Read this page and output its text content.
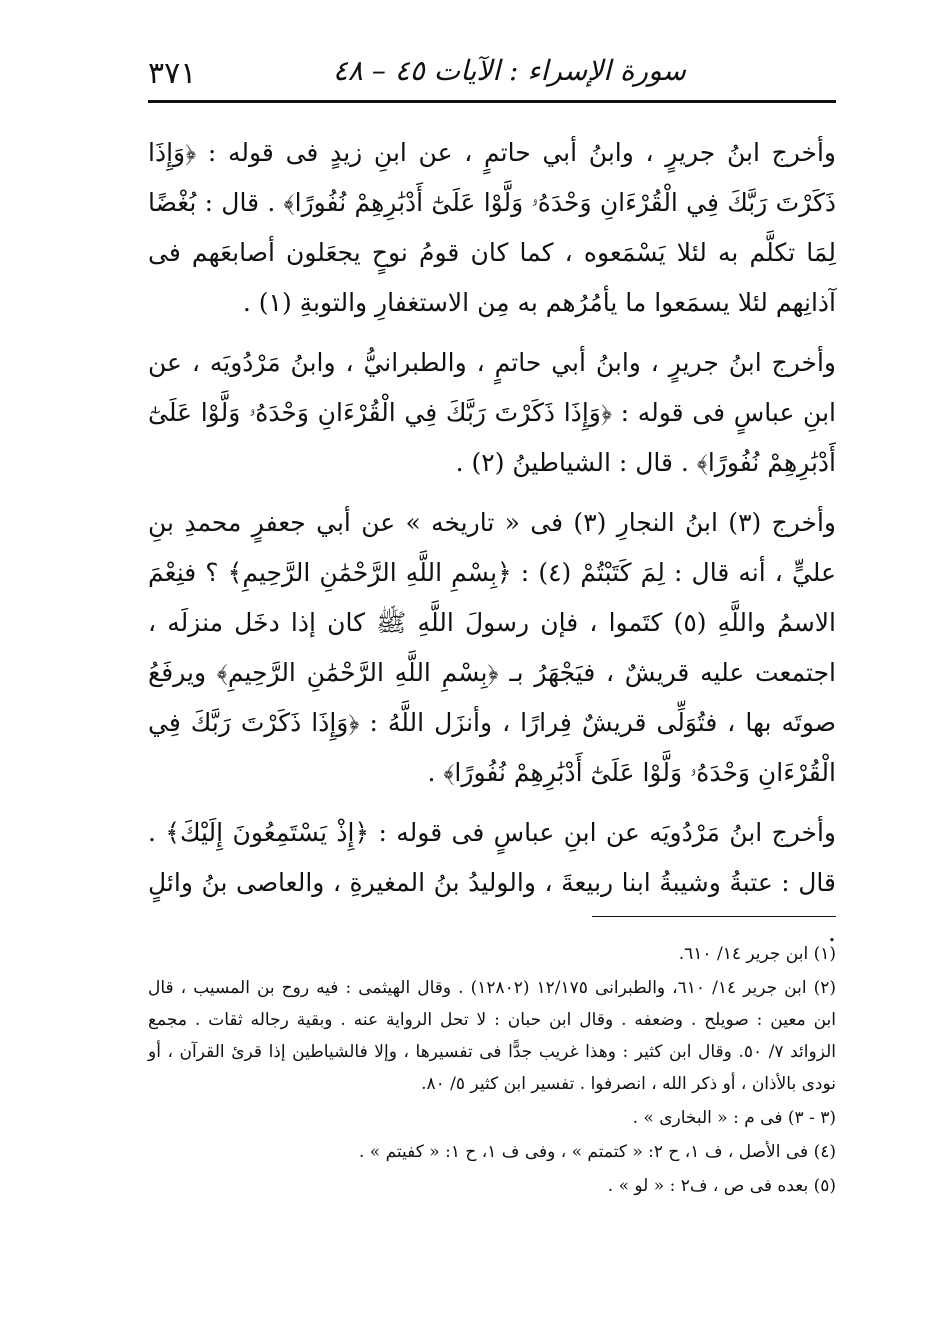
٣٧١	سورة الإسراء : الآيات ٤٥ – ٤٨

وأخرج ابنُ جريرٍ ، وابنُ أبي حاتمٍ ، عن ابنِ زيدٍ فى قوله : ﴿وَإِذَا ذَكَرْتَ رَبَّكَ فِي الْقُرْءَانِ وَحْدَهُۥ وَلَّوْا عَلَىٰٓ أَدْبَٰرِهِمْ نُفُورًا﴾ . قال : بُغْضًا لِمَا تكلَّم به لئلا يَسْمَعوه ، كما كان قومُ نوحٍ يجعَلون أصابعَهم فى آذانِهم لئلا يسمَعوا ما يأمُرُهم به مِن الاستغفارِ والتوبةِ (١) .

وأخرج ابنُ جريرٍ ، وابنُ أبي حاتمٍ ، والطبرانيُّ ، وابنُ مَرْدُويَه ، عن ابنِ عباسٍ فى قوله : ﴿وَإِذَا ذَكَرْتَ رَبَّكَ فِي الْقُرْءَانِ وَحْدَهُۥ وَلَّوْا عَلَىٰٓ أَدْبَٰرِهِمْ نُفُورًا﴾ . قال : الشياطينُ (٢) .

وأخرج (٣) ابنُ النجارِ (٣) فى « تاريخه » عن أبي جعفرٍ محمدِ بنِ عليٍّ ، أنه قال : لِمَ كَتَبْتُمْ (٤) : ﴿بِسْمِ اللَّهِ الرَّحْمَٰنِ الرَّحِيمِ﴾ ؟ فنِعْمَ الاسمُ واللَّهِ (٥) كتَموا ، فإن رسولَ اللَّهِ ﷺ كان إذا دخَل منزلَه ، اجتمعت عليه قريشٌ ، فيَجْهَرُ بـ ﴿بِسْمِ اللَّهِ الرَّحْمَٰنِ الرَّحِيمِ﴾ ويرفَعُ صوتَه بها ، فتُوَلِّى قريشٌ فِرارًا ، وأنزَل اللَّهُ : ﴿وَإِذَا ذَكَرْتَ رَبَّكَ فِي الْقُرْءَانِ وَحْدَهُۥ وَلَّوْا عَلَىٰٓ أَدْبَٰرِهِمْ نُفُورًا﴾ .

وأخرج ابنُ مَرْدُويَه عن ابنِ عباسٍ فى قوله : ﴿إِذْ يَسْتَمِعُونَ إِلَيْكَ﴾ . قال : عتبةُ وشيبةُ ابنا ربيعةَ ، والوليدُ بنُ المغيرةِ ، والعاصى بنُ وائلٍ .

(١) ابن جرير ١٤/ ٦١٠.

(٢) ابن جرير ١٤/ ٦١٠، والطبرانى ١٢/١٧٥ (١٢٨٠٢) . وقال الهيثمى : فيه روح بن المسيب ، قال ابن معين : صويلح . وضعفه . وقال ابن حبان : لا تحل الرواية عنه . وبقية رجاله ثقات . مجمع الزوائد ٧/ ٥٠. وقال ابن كثير : وهذا غريب جدًّا فى تفسيرها ، وإلا فالشياطين إذا قرئ القرآن ، أو نودى بالأذان ، أو ذكر الله ، انصرفوا . تفسير ابن كثير ٥/ ٨٠.

(٣ - ٣) فى م : « البخارى » .

(٤) فى الأصل ، ف ١، ح ٢: « كتمتم » ، وفى ف ١، ح ١: « كفيتم » .

(٥) بعده فى ص ، ف٢ : « لو » .
